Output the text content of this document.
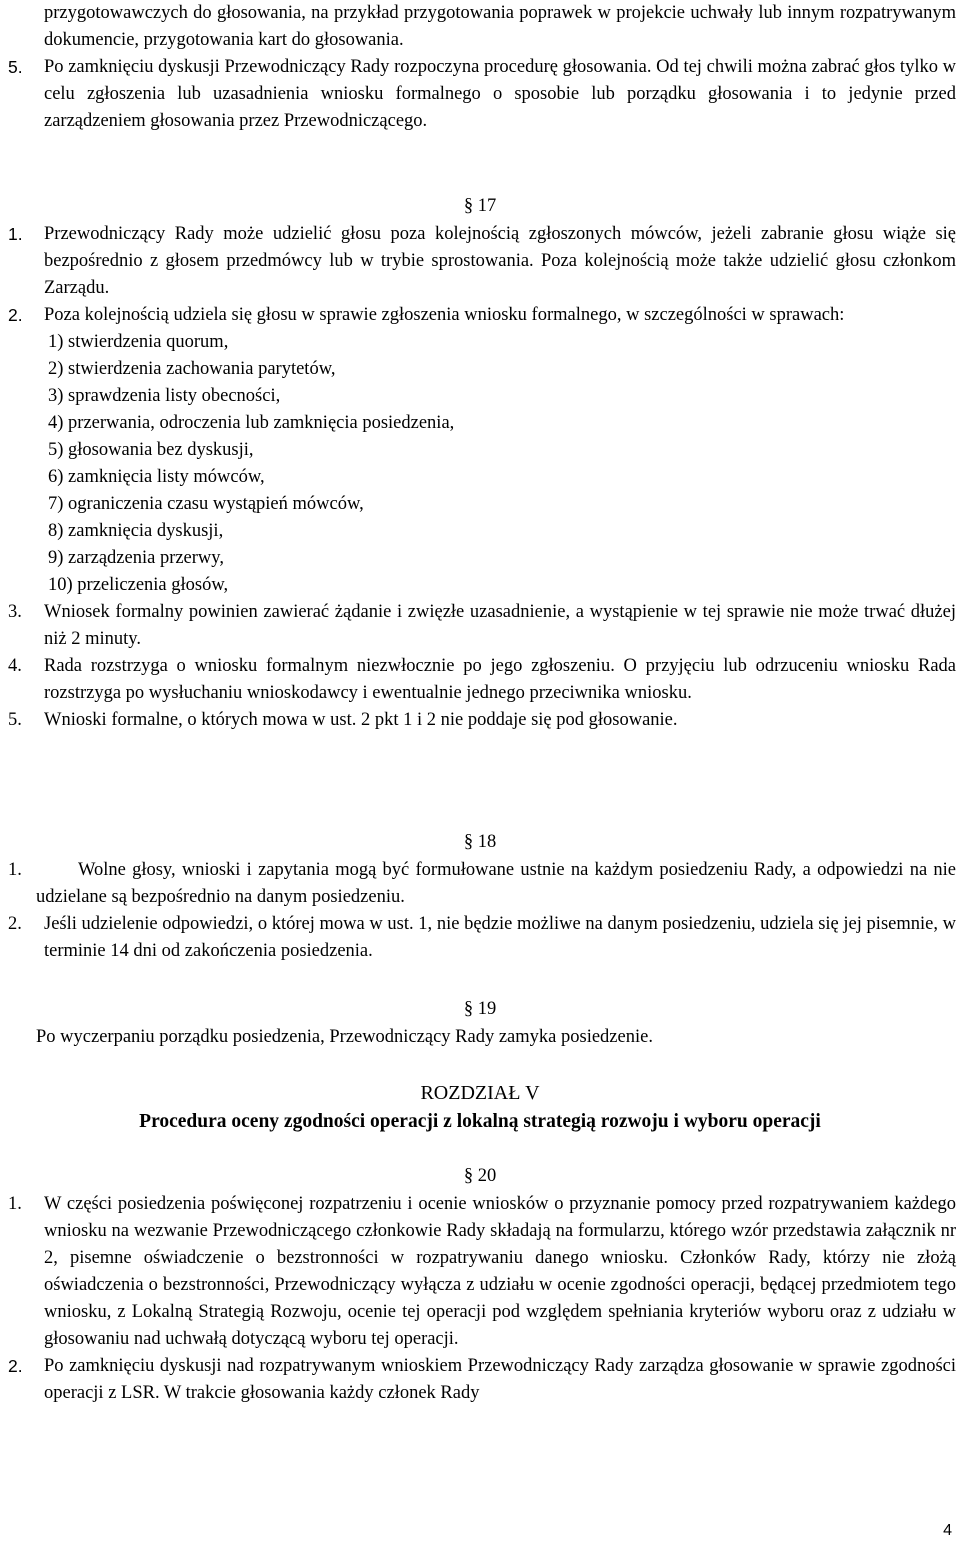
przygotowawczych do głosowania, na przykład przygotowania poprawek w projekcie uchwały lub innym rozpatrywanym dokumencie, przygotowania kart do głosowania.
5. Po zamknięciu dyskusji Przewodniczący Rady rozpoczyna procedurę głosowania. Od tej chwili można zabrać głos tylko w celu zgłoszenia lub uzasadnienia wniosku formalnego o sposobie lub porządku głosowania i to jedynie przed zarządzeniem głosowania przez Przewodniczącego.
§ 17
1. Przewodniczący Rady może udzielić głosu poza kolejnością zgłoszonych mówców, jeżeli zabranie głosu wiąże się bezpośrednio z głosem przedmówcy lub w trybie sprostowania. Poza kolejnością może także udzielić głosu członkom Zarządu.
2. Poza kolejnością udziela się głosu w sprawie zgłoszenia wniosku formalnego, w szczególności w sprawach:
1) stwierdzenia quorum,
2) stwierdzenia zachowania parytetów,
3) sprawdzenia listy obecności,
4) przerwania, odroczenia lub zamknięcia posiedzenia,
5) głosowania bez dyskusji,
6) zamknięcia listy mówców,
7) ograniczenia czasu wystąpień mówców,
8) zamknięcia dyskusji,
9) zarządzenia przerwy,
10) przeliczenia głosów,
3. Wniosek formalny powinien zawierać żądanie i zwięzłe uzasadnienie, a wystąpienie w tej sprawie nie może trwać dłużej niż 2 minuty.
4. Rada rozstrzyga o wniosku formalnym niezwłocznie po jego zgłoszeniu. O przyjęciu lub odrzuceniu wniosku Rada rozstrzyga po wysłuchaniu wnioskodawcy i ewentualnie jednego przeciwnika wniosku.
5. Wnioski formalne, o których mowa w ust. 2 pkt 1 i 2 nie poddaje się pod głosowanie.
§ 18
1.	Wolne głosy, wnioski i zapytania mogą być formułowane ustnie na każdym posiedzeniu Rady, a odpowiedzi na nie udzielane są bezpośrednio na danym posiedzeniu.
2. Jeśli udzielenie odpowiedzi, o której mowa w ust. 1, nie będzie możliwe na danym posiedzeniu, udziela się jej pisemnie, w terminie 14 dni od zakończenia posiedzenia.
§ 19
Po wyczerpaniu porządku posiedzenia, Przewodniczący Rady zamyka posiedzenie.
ROZDZIAŁ V
Procedura oceny zgodności operacji z lokalną strategią rozwoju i wyboru operacji
§ 20
1. W części posiedzenia poświęconej rozpatrzeniu i ocenie wniosków o przyznanie pomocy przed rozpatrywaniem każdego wniosku na wezwanie Przewodniczącego członkowie Rady składają na formularzu, którego wzór przedstawia załącznik nr 2, pisemne oświadczenie o bezstronności w rozpatrywaniu danego wniosku. Członków Rady, którzy nie złożą oświadczenia o bezstronności, Przewodniczący wyłącza z udziału w ocenie zgodności operacji, będącej przedmiotem tego wniosku, z Lokalną Strategią Rozwoju, ocenie tej operacji pod względem spełniania kryteriów wyboru oraz z udziału w głosowaniu nad uchwałą dotyczącą wyboru tej operacji.
2. Po zamknięciu dyskusji nad rozpatrywanym wnioskiem Przewodniczący Rady zarządza głosowanie w sprawie zgodności operacji z LSR. W trakcie głosowania każdy członek Rady
4
